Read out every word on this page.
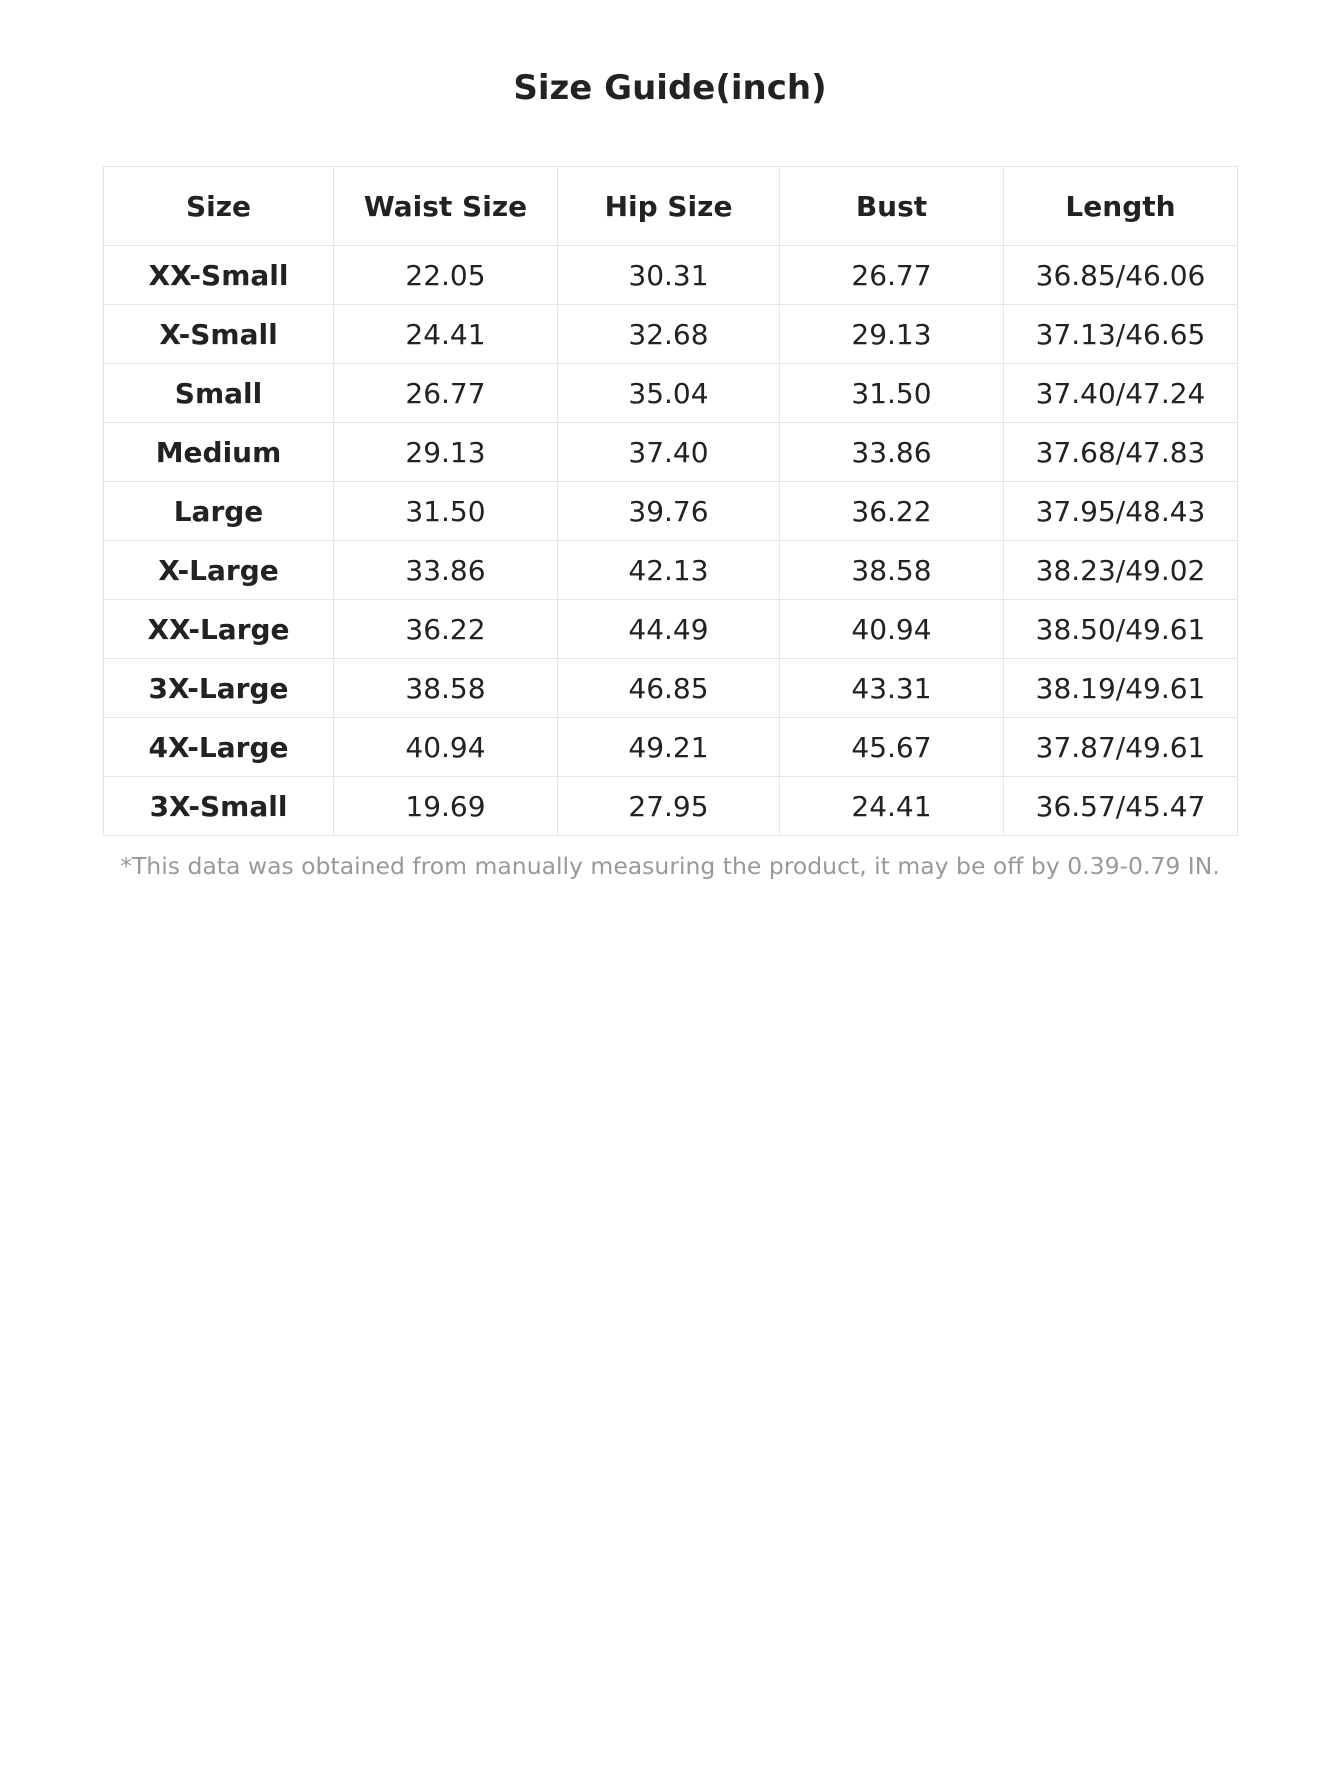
Size Guide(inch)
Size	Waist Size	Hip Size	Bust	Length
XX-Small	22.05	30.31	26.77	36.85/46.06
X-Small	24.41	32.68	29.13	37.13/46.65
Small	26.77	35.04	31.50	37.40/47.24
Medium	29.13	37.40	33.86	37.68/47.83
Large	31.50	39.76	36.22	37.95/48.43
X-Large	33.86	42.13	38.58	38.23/49.02
XX-Large	36.22	44.49	40.94	38.50/49.61
3X-Large	38.58	46.85	43.31	38.19/49.61
4X-Large	40.94	49.21	45.67	37.87/49.61
3X-Small	19.69	27.95	24.41	36.57/45.47
*This data was obtained from manually measuring the product, it may be off by 0.39-0.79 IN.
